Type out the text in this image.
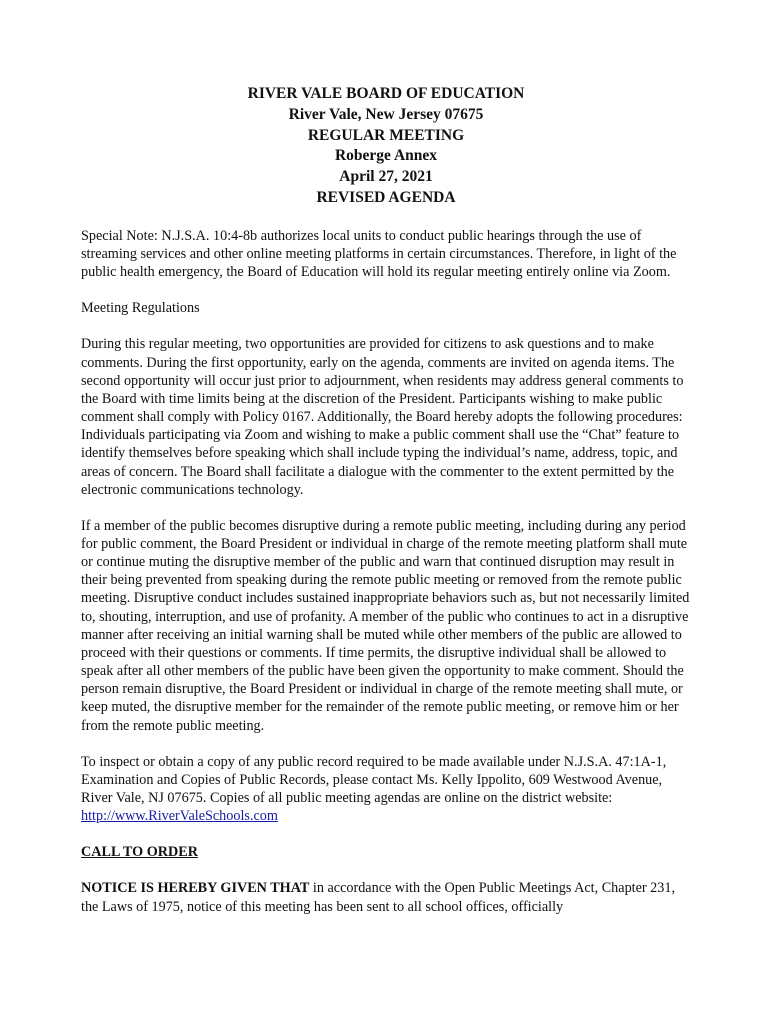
RIVER VALE BOARD OF EDUCATION
River Vale, New Jersey 07675
REGULAR MEETING
Roberge Annex
April 27, 2021
REVISED AGENDA

Special Note: N.J.S.A. 10:4-8b authorizes local units to conduct public hearings through the use of streaming services and other online meeting platforms in certain circumstances. Therefore, in light of the public health emergency, the Board of Education will hold its regular meeting entirely online via Zoom.

Meeting Regulations

During this regular meeting, two opportunities are provided for citizens to ask questions and to make comments. During the first opportunity, early on the agenda, comments are invited on agenda items. The second opportunity will occur just prior to adjournment, when residents may address general comments to the Board with time limits being at the discretion of the President. Participants wishing to make public comment shall comply with Policy 0167. Additionally, the Board hereby adopts the following procedures: Individuals participating via Zoom and wishing to make a public comment shall use the “Chat” feature to identify themselves before speaking which shall include typing the individual’s name, address, topic, and areas of concern. The Board shall facilitate a dialogue with the commenter to the extent permitted by the electronic communications technology.

If a member of the public becomes disruptive during a remote public meeting, including during any period for public comment, the Board President or individual in charge of the remote meeting platform shall mute or continue muting the disruptive member of the public and warn that continued disruption may result in their being prevented from speaking during the remote public meeting or removed from the remote public meeting. Disruptive conduct includes sustained inappropriate behaviors such as, but not necessarily limited to, shouting, interruption, and use of profanity. A member of the public who continues to act in a disruptive manner after receiving an initial warning shall be muted while other members of the public are allowed to proceed with their questions or comments. If time permits, the disruptive individual shall be allowed to speak after all other members of the public have been given the opportunity to make comment. Should the person remain disruptive, the Board President or individual in charge of the remote meeting shall mute, or keep muted, the disruptive member for the remainder of the remote public meeting, or remove him or her from the remote public meeting.

To inspect or obtain a copy of any public record required to be made available under N.J.S.A. 47:1A-1, Examination and Copies of Public Records, please contact Ms. Kelly Ippolito, 609 Westwood Avenue, River Vale, NJ 07675. Copies of all public meeting agendas are online on the district website: http://www.RiverValeSchools.com

CALL TO ORDER

NOTICE IS HEREBY GIVEN THAT in accordance with the Open Public Meetings Act, Chapter 231, the Laws of 1975, notice of this meeting has been sent to all school offices, officially
